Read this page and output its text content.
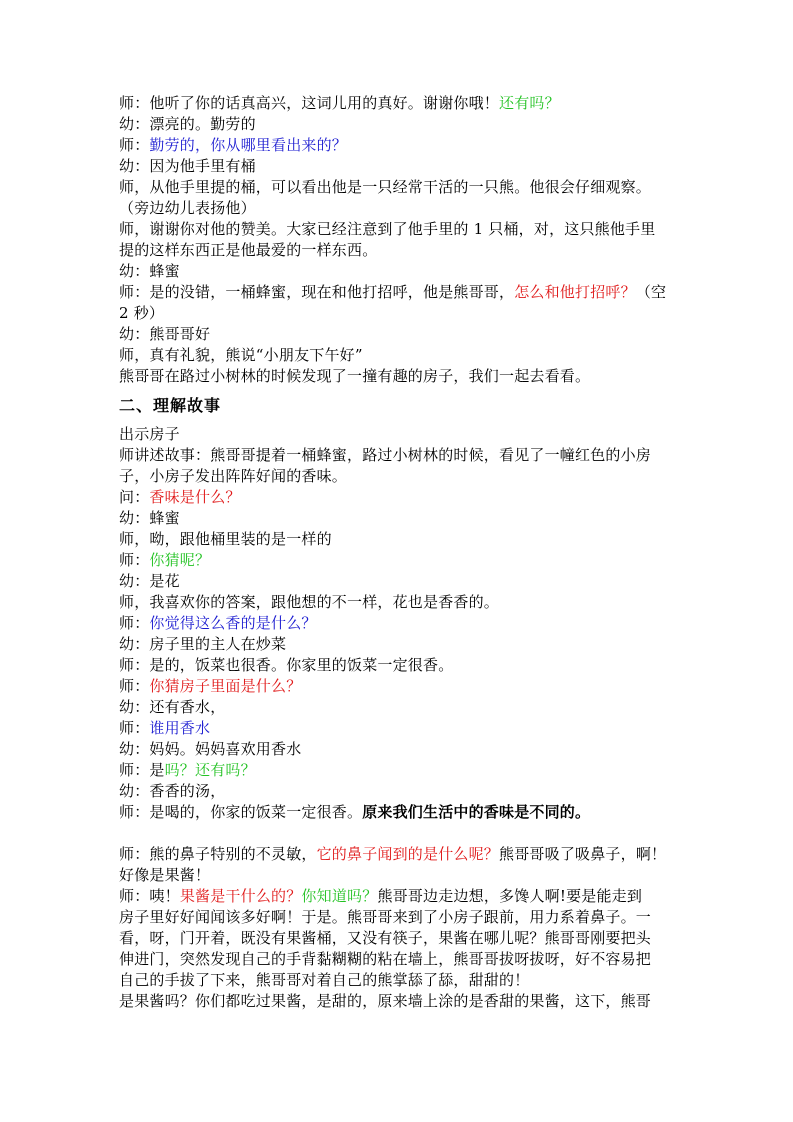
师：他听了你的话真高兴，这词儿用的真好。谢谢你哦！还有吗？
幼：漂亮的。勤劳的
师：勤劳的，你从哪里看出来的？
幼：因为他手里有桶
师，从他手里提的桶，可以看出他是一只经常干活的一只熊。他很会仔细观察。
（旁边幼儿表扬他）
师，谢谢你对他的赞美。大家已经注意到了他手里的 1 只桶，对，这只熊他手里
提的这样东西正是他最爱的一样东西。
幼：蜂蜜
师：是的没错，一桶蜂蜜，现在和他打招呼，他是熊哥哥，怎么和他打招呼？（空
2 秒）
幼：熊哥哥好
师，真有礼貌，熊说“小朋友下午好”
熊哥哥在路过小树林的时候发现了一撞有趣的房子，我们一起去看看。
二、理解故事
出示房子
师讲述故事：熊哥哥提着一桶蜂蜜，路过小树林的时候，看见了一幢红色的小房
子，小房子发出阵阵好闻的香味。
问：香味是什么？
幼：蜂蜜
师，呦，跟他桶里装的是一样的
师：你猜呢？
幼：是花
师，我喜欢你的答案，跟他想的不一样，花也是香香的。
师：你觉得这么香的是什么？
幼：房子里的主人在炒菜
师：是的，饭菜也很香。你家里的饭菜一定很香。
师：你猜房子里面是什么？
幼：还有香水，
师：谁用香水
幼：妈妈。妈妈喜欢用香水
师：是吗？还有吗？
幼：香香的汤，
师：是喝的，你家的饭菜一定很香。原来我们生活中的香味是不同的。
师：熊的鼻子特别的不灵敏，它的鼻子闻到的是什么呢？熊哥哥吸了吸鼻子，啊！
好像是果酱！
师：咦！果酱是干什么的？你知道吗？熊哥哥边走边想，多馋人啊!要是能走到
房子里好好闻闻该多好啊！于是。熊哥哥来到了小房子跟前，用力系着鼻子。一
看，呀，门开着，既没有果酱桶，又没有筷子，果酱在哪儿呢？熊哥哥刚要把头
伸进门，突然发现自己的手背黏糊糊的粘在墙上，熊哥哥拔呀拔呀，好不容易把
自己的手拔了下来，熊哥哥对着自己的熊掌舔了舔，甜甜的！
是果酱吗？你们都吃过果酱，是甜的，原来墙上涂的是香甜的果酱，这下，熊哥
